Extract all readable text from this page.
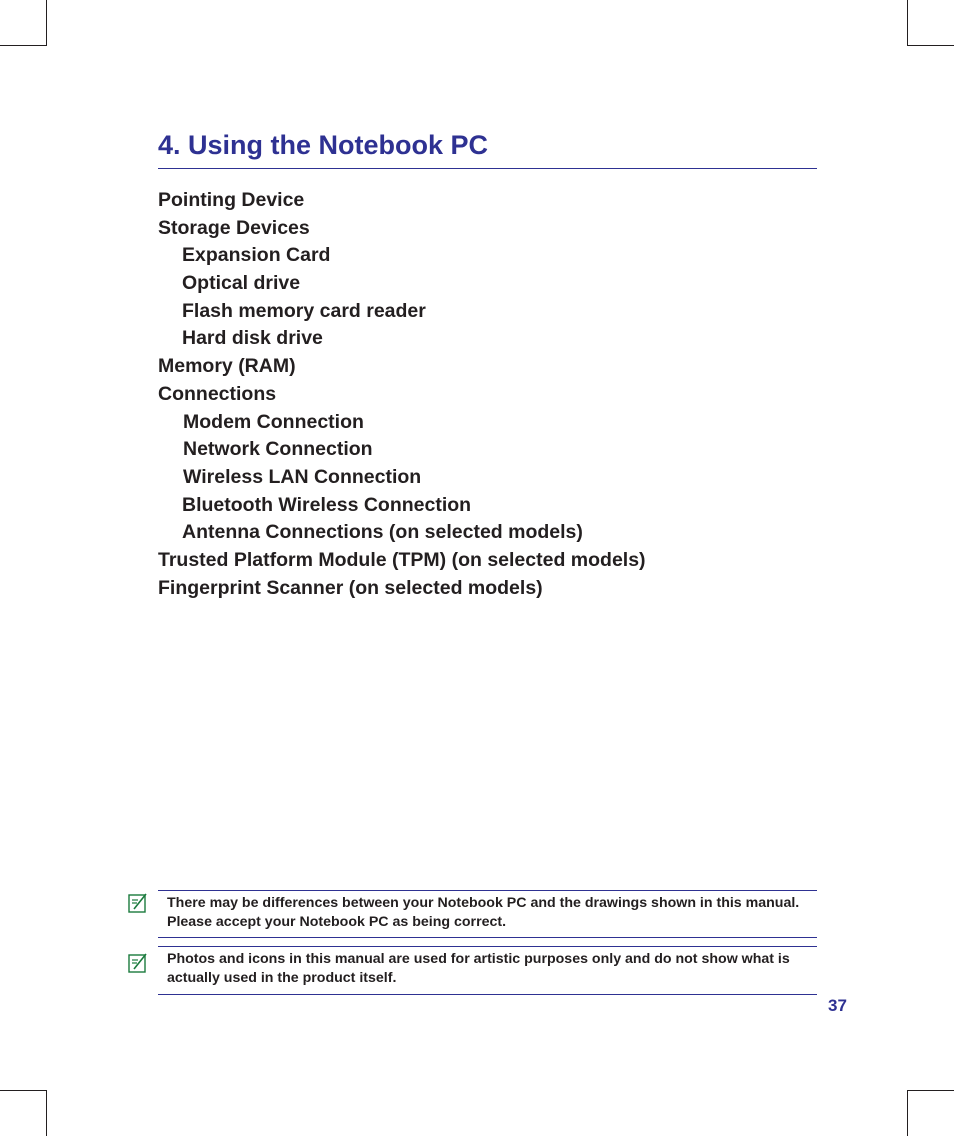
4. Using the Notebook PC
Pointing Device
Storage Devices
Expansion Card
Optical drive
Flash memory card reader
Hard disk drive
Memory (RAM)
Connections
Modem Connection
Network Connection
Wireless LAN Connection
Bluetooth Wireless Connection
Antenna Connections (on selected models)
Trusted Platform Module (TPM) (on selected models)
Fingerprint Scanner (on selected models)
There may be differences between your Notebook PC and the drawings shown in this manual. Please accept your Notebook PC as being correct.
Photos and icons in this manual are used for artistic purposes only and do not show what is actually used in the product itself.
37
